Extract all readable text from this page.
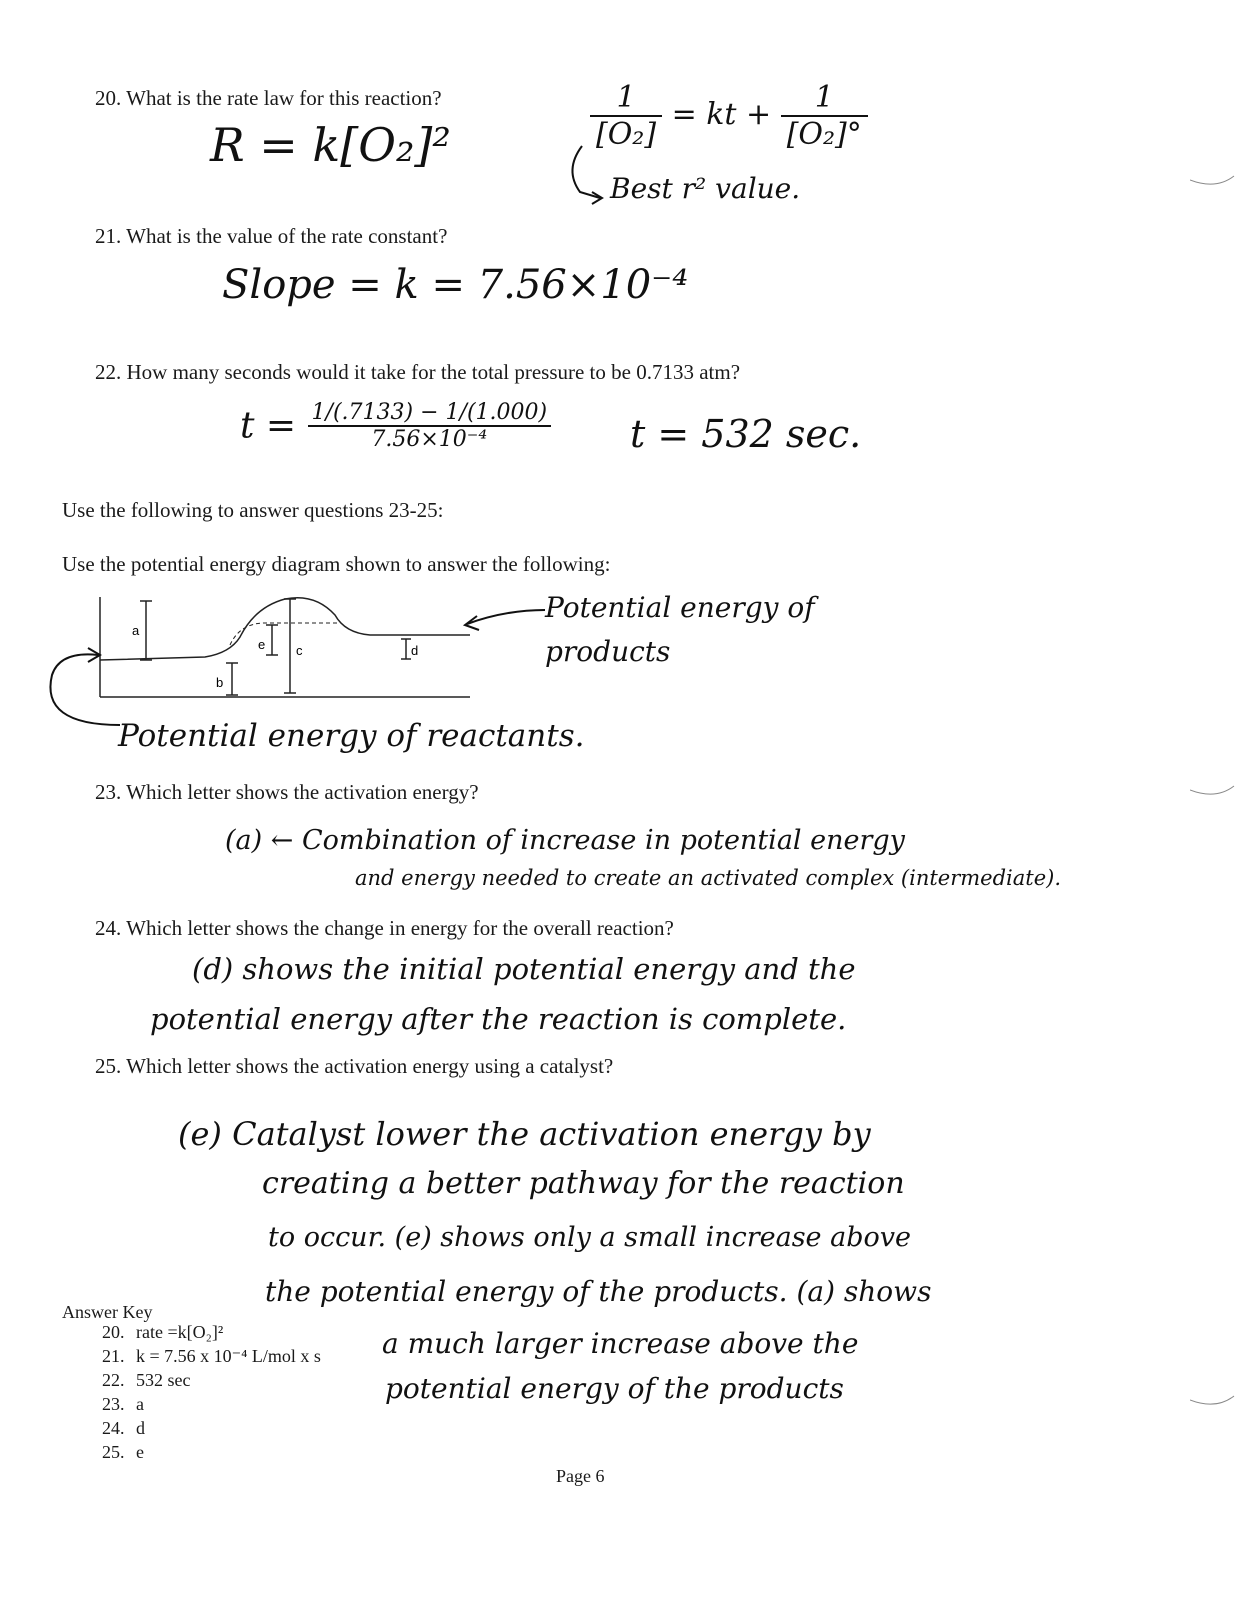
20. What is the rate law for this reaction?
R = k[O₂]²	$\frac{1}{\text{[O₂]}}$ = kt + $\frac{1}{\text{[O₂]°}}$
Best r² value.
21. What is the value of the rate constant?
Slope = k = 7.56×10⁻⁴
22. How many seconds would it take for the total pressure to be 0.7133 atm?
$t = \frac{1/(.7133) - 1/(1.000)}{\text{7.56×10⁻⁴}}$ t = 532 sec.
Use the following to answer questions 23-25:
Use the potential energy diagram shown to answer the following:
a
b
e c	d
Potential energy of products
Potential energy of reactants.
23. Which letter shows the activation energy?
(a) ← Combination of increase in potential energy
and energy needed to create an activated complex (intermediate).
24. Which letter shows the change in energy for the overall reaction?
(d) shows the initial potential energy and the
potential energy after the reaction is complete.
25. Which letter shows the activation energy using a catalyst?
(e) Catalyst lower the activation energy by
creating a better pathway for the reaction
to occur. (e) shows only a small increase above
the potential energy of the products. (a) shows
a much larger increase above the
potential energy of the products
Answer Key
20. rate =k[O₂]²
21. k = 7.56 x 10⁻⁴ L/mol x s
22. 532 sec
23. a
24. d
25. e
Page 6
